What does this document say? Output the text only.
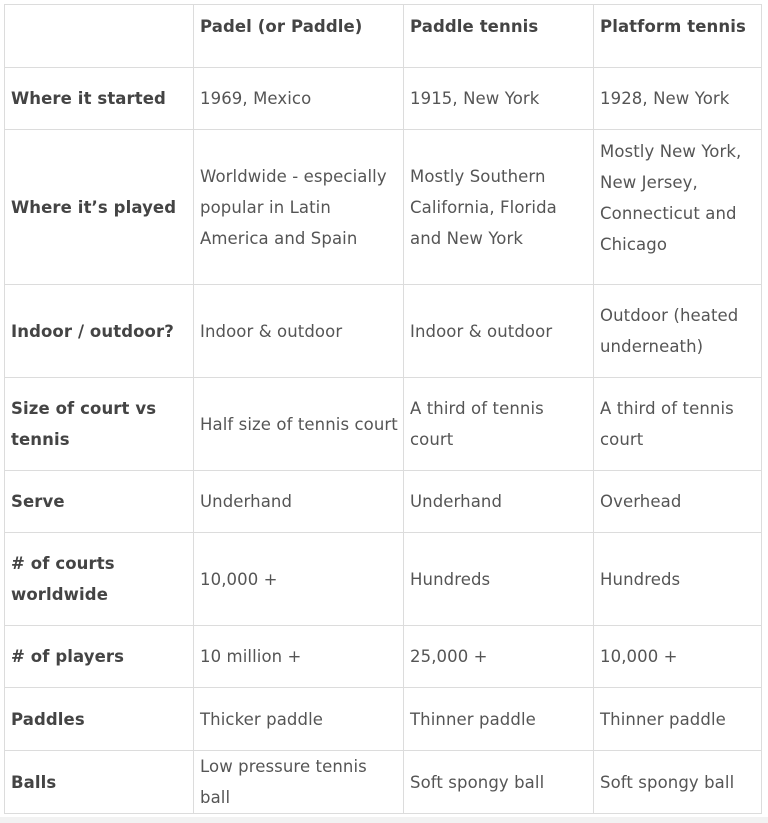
	Padel (or Paddle)	Paddle tennis	Platform tennis
Where it started	1969, Mexico	1915, New York	1928, New York
Where it’s played	Worldwide - especially popular in Latin America and Spain	Mostly Southern California, Florida and New York	Mostly New York, New Jersey, Connecticut and Chicago
Indoor / outdoor?	Indoor & outdoor	Indoor & outdoor	Outdoor (heated underneath)
Size of court vs tennis	Half size of tennis court	A third of tennis court	A third of tennis court
Serve	Underhand	Underhand	Overhead
# of courts worldwide	10,000 +	Hundreds	Hundreds
# of players	10 million +	25,000 +	10,000 +
Paddles	Thicker paddle	Thinner paddle	Thinner paddle
Balls	Low pressure tennis ball	Soft spongy ball	Soft spongy ball
